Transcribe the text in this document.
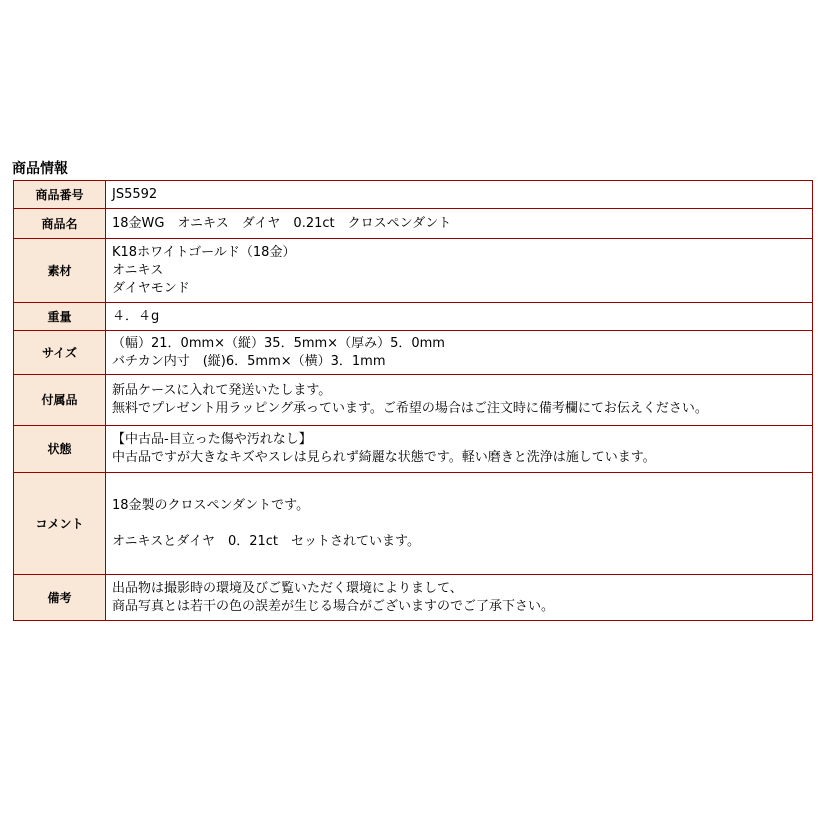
商品情報
商品番号	JS5592

商品名	18金WG　オニキス　ダイヤ　0.21ct　クロスペンダント

素材	K18ホワイトゴールド（18金）
オニキス
ダイヤモンド

重量	４．４g

サイズ	（幅）21．0mm×（縦）35．5mm×（厚み）5．0mm
バチカン内寸　(縦)6．5mm×（横）3．1mm

付属品	新品ケースに入れて発送いたします。
無料でプレゼント用ラッピング承っています。ご希望の場合はご注文時に備考欄にてお伝えください。

状態	【中古品-目立った傷や汚れなし】
中古品ですが大きなキズやスレは見られず綺麗な状態です。軽い磨きと洗浄は施しています。

コメント	18金製のクロスペンダントです。
オニキスとダイヤ　0．21ct　セットされています。

備考	出品物は撮影時の環境及びご覧いただく環境によりまして、
商品写真とは若干の色の誤差が生じる場合がございますのでご了承下さい。
